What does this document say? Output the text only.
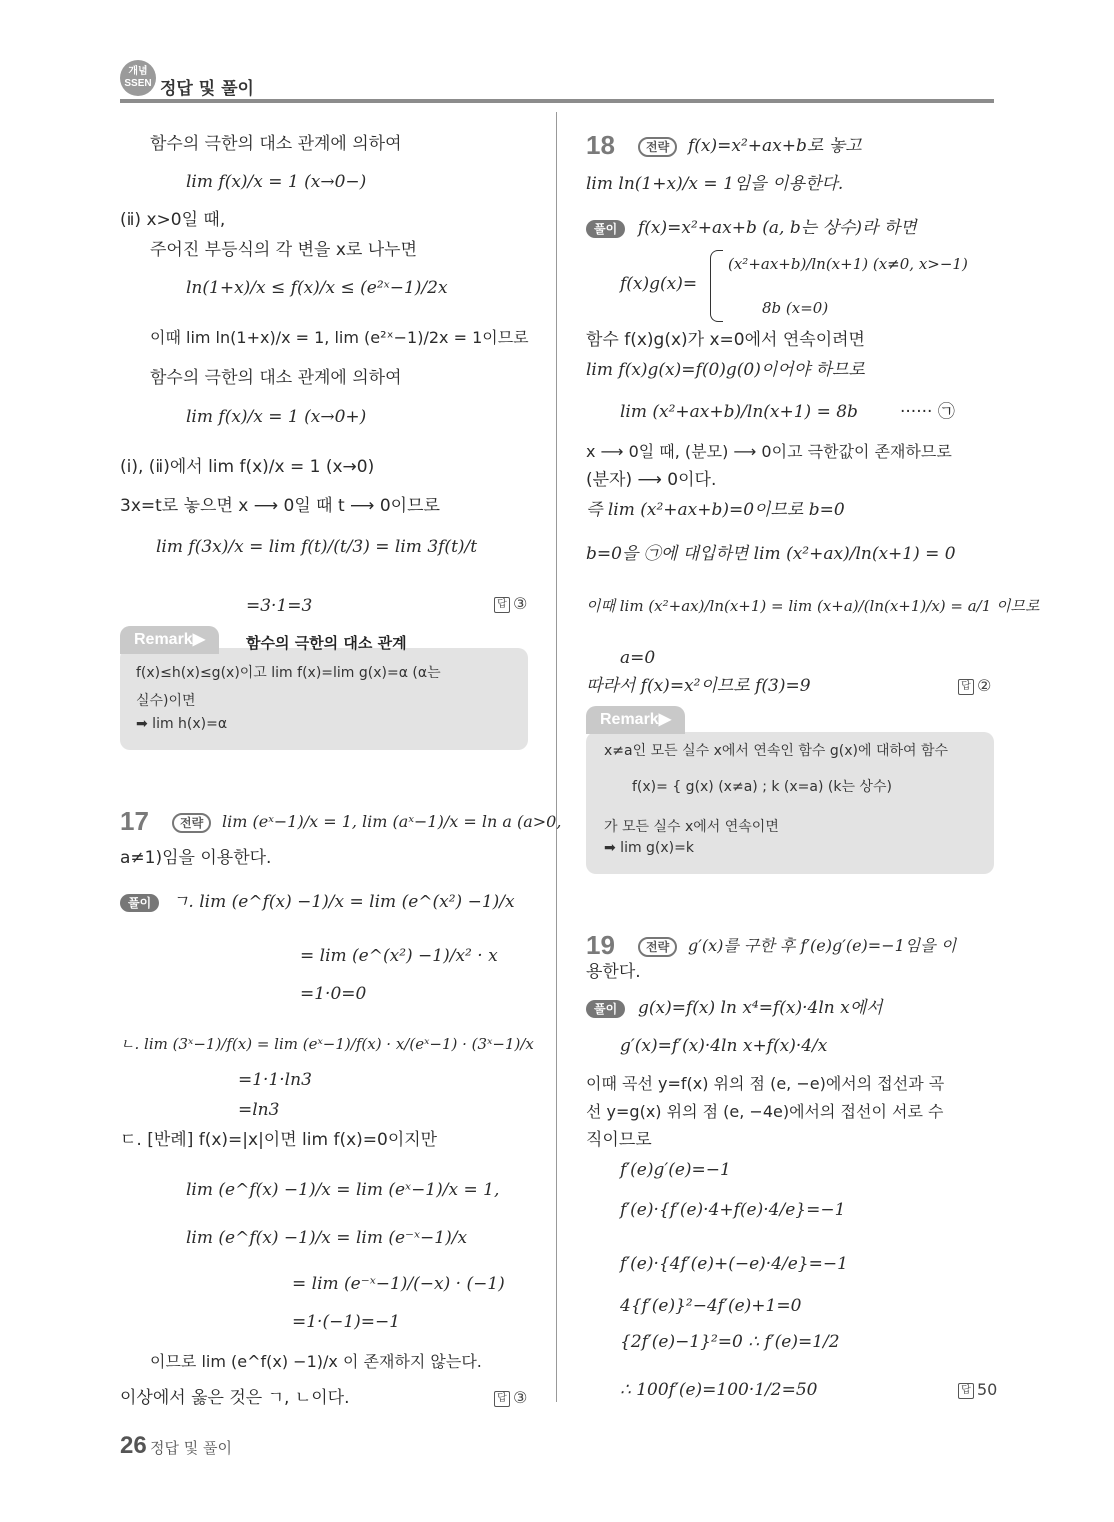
개념
SSEN 정답 및 풀이
함수의 극한의 대소 관계에 의하여
lim f(x)/x = 1 (x→0−)
(ⅱ) x>0일 때,
주어진 부등식의 각 변을 x로 나누면
ln(1+x)/x ≤ f(x)/x ≤ (e²ˣ−1)/2x
이때 lim ln(1+x)/x = 1, lim (e²ˣ−1)/2x = 1이므로
함수의 극한의 대소 관계에 의하여
lim f(x)/x = 1 (x→0+)
(ⅰ), (ⅱ)에서 lim f(x)/x = 1 (x→0)
3x=t로 놓으면 x ⟶ 0일 때 t ⟶ 0이므로
lim f(3x)/x = lim f(t)/(t/3) = lim 3f(t)/t
=3·1=3	답 ③
Remark▶	함수의 극한의 대소 관계
f(x)≤h(x)≤g(x)이고 lim f(x)=lim g(x)=α (α는
실수)이면
➡ lim h(x)=α
17	전략	lim (eˣ−1)/x = 1, lim (aˣ−1)/x = ln a (a>0,
a≠1)임을 이용한다.
풀이	ㄱ. lim (e^f(x) −1)/x = lim (e^(x²) −1)/x
= lim (e^(x²) −1)/x² · x
=1·0=0
ㄴ. lim (3ˣ−1)/f(x) = lim (eˣ−1)/f(x) · x/(eˣ−1) · (3ˣ−1)/x
=1·1·ln3
=ln3
ㄷ. [반례] f(x)=|x|이면 lim f(x)=0이지만
lim (e^f(x) −1)/x = lim (eˣ−1)/x = 1,
lim (e^f(x) −1)/x = lim (e⁻ˣ−1)/x
= lim (e⁻ˣ−1)/(−x) · (−1)
=1·(−1)=−1
이므로 lim (e^f(x) −1)/x 이 존재하지 않는다.
이상에서 옳은 것은 ㄱ, ㄴ이다.	답 ③
18	전략	f(x)=x²+ax+b로 놓고
lim ln(1+x)/x = 1임을 이용한다.
풀이	f(x)=x²+ax+b (a, b는 상수)라 하면
f(x)g(x)=
(x²+ax+b)/ln(x+1) (x≠0, x>−1)
8b (x=0)
함수 f(x)g(x)가 x=0에서 연속이려면
lim f(x)g(x)=f(0)g(0)이어야 하므로
lim (x²+ax+b)/ln(x+1) = 8b ······ ㉠
x ⟶ 0일 때, (분모) ⟶ 0이고 극한값이 존재하므로
(분자) ⟶ 0이다.
즉 lim (x²+ax+b)=0이므로 b=0
b=0을 ㉠에 대입하면 lim (x²+ax)/ln(x+1) = 0
이때 lim (x²+ax)/ln(x+1) = lim (x+a)/(ln(x+1)/x) = a/1 이므로
a=0
따라서 f(x)=x²이므로 f(3)=9	답 ②
Remark▶
x≠a인 모든 실수 x에서 연속인 함수 g(x)에 대하여 함수
f(x)= { g(x) (x≠a) ; k (x=a) (k는 상수)
가 모든 실수 x에서 연속이면
➡ lim g(x)=k
19	전략	g′(x)를 구한 후 f′(e)g′(e)=−1임을 이
용한다.
풀이	g(x)=f(x) ln x⁴=f(x)·4ln x에서
g′(x)=f′(x)·4ln x+f(x)·4/x
이때 곡선 y=f(x) 위의 점 (e, −e)에서의 접선과 곡
선 y=g(x) 위의 점 (e, −4e)에서의 접선이 서로 수
직이므로
f′(e)g′(e)=−1
f′(e)·{f′(e)·4+f(e)·4/e}=−1
f′(e)·{4f′(e)+(−e)·4/e}=−1
4{f′(e)}²−4f′(e)+1=0
{2f′(e)−1}²=0 ∴ f′(e)=1/2
∴ 100f′(e)=100·1/2=50	답 50
26 정답 및 풀이
